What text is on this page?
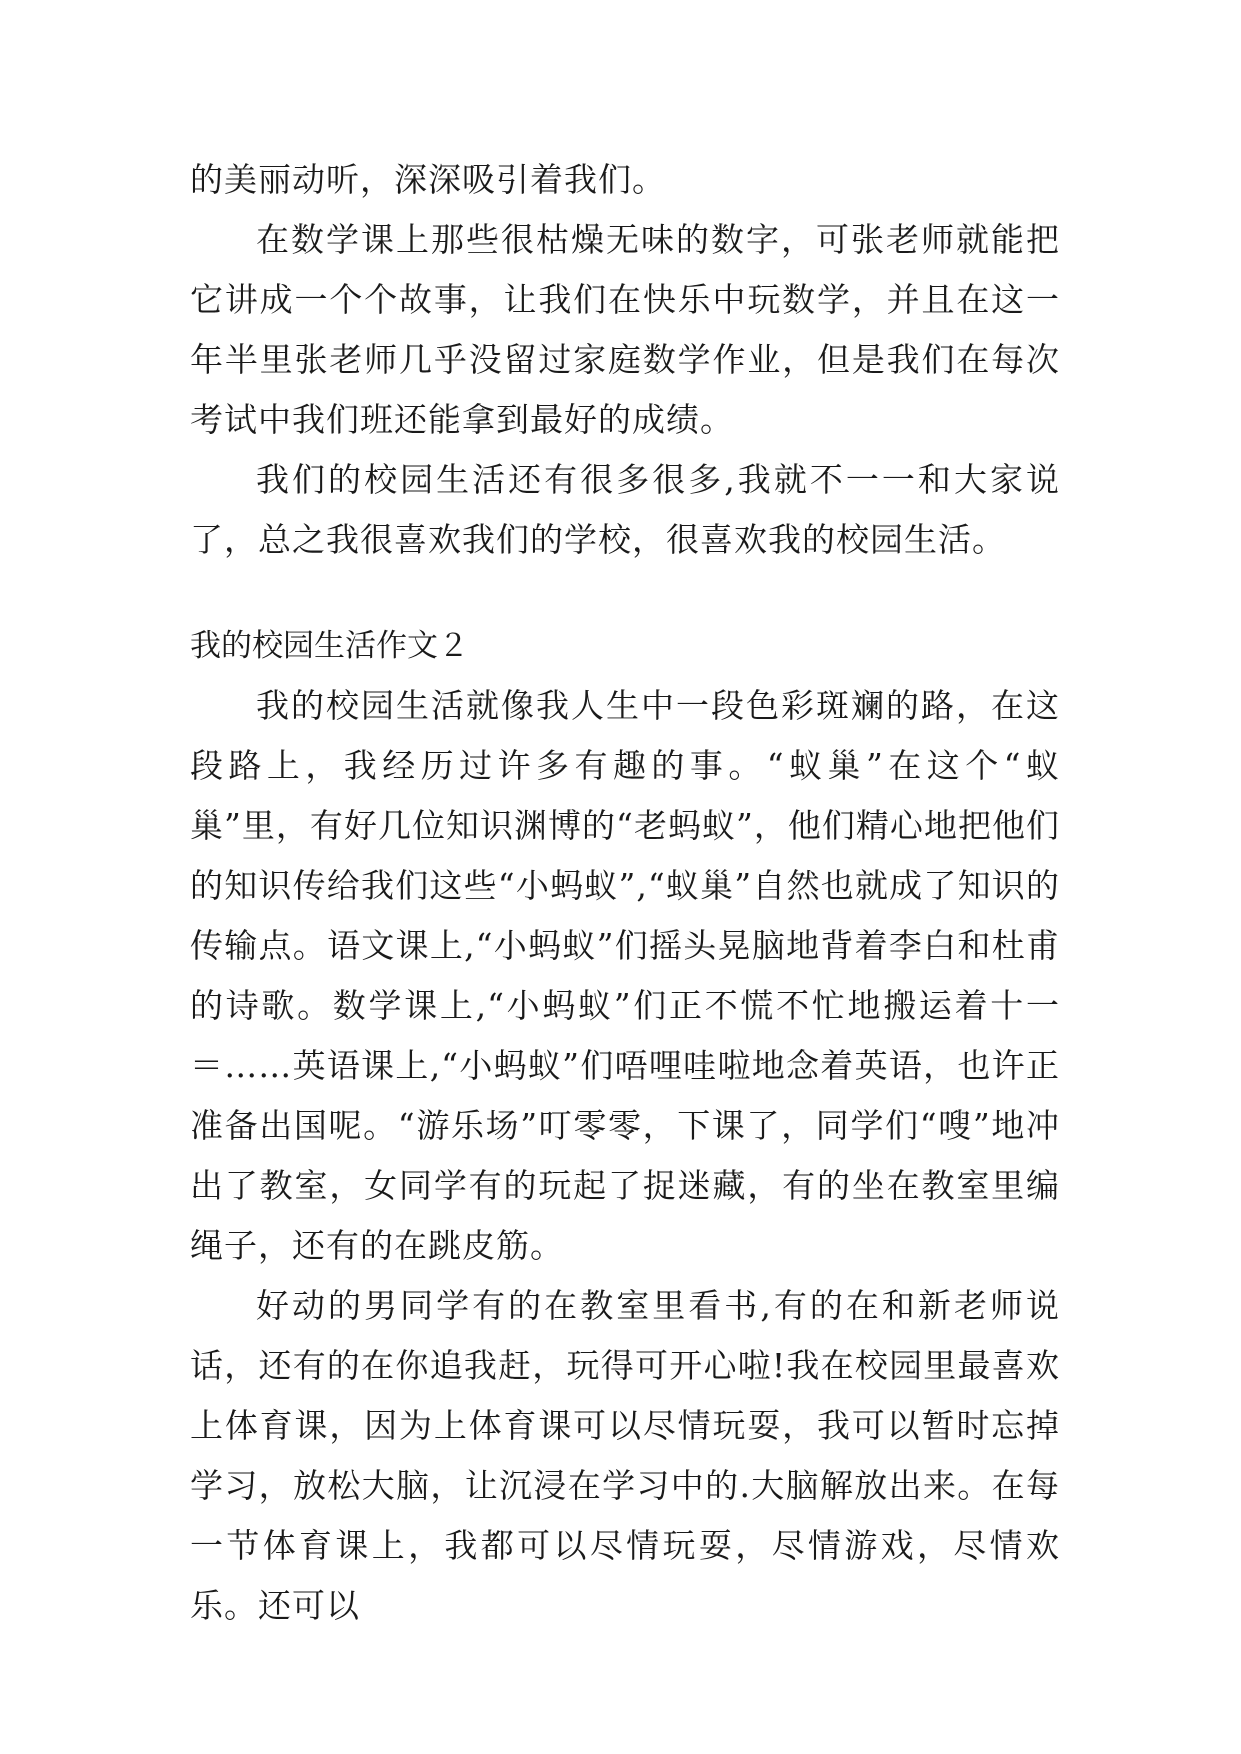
的美丽动听，深深吸引着我们。

在数学课上那些很枯燥无味的数字，可张老师就能把它讲成一个个故事，让我们在快乐中玩数学，并且在这一年半里张老师几乎没留过家庭数学作业，但是我们在每次考试中我们班还能拿到最好的成绩。

我们的校园生活还有很多很多,我就不一一和大家说了，总之我很喜欢我们的学校，很喜欢我的校园生活。

我的校园生活作文２

我的校园生活就像我人生中一段色彩斑斓的路，在这段路上，我经历过许多有趣的事。“蚁巢”在这个“蚁巢”里，有好几位知识渊博的“老蚂蚁”，他们精心地把他们的知识传给我们这些“小蚂蚁”,“蚁巢”自然也就成了知识的传输点。语文课上,“小蚂蚁”们摇头晃脑地背着李白和杜甫的诗歌。数学课上,“小蚂蚁”们正不慌不忙地搬运着十一＝……英语课上,“小蚂蚁”们唔哩哇啦地念着英语，也许正准备出国呢。“游乐场”叮零零，下课了，同学们“嗖”地冲出了教室，女同学有的玩起了捉迷藏，有的坐在教室里编绳子，还有的在跳皮筋。

好动的男同学有的在教室里看书,有的在和新老师说话，还有的在你追我赶，玩得可开心啦!我在校园里最喜欢上体育课，因为上体育课可以尽情玩耍，我可以暂时忘掉学习，放松大脑，让沉浸在学习中的.大脑解放出来。在每一节体育课上，我都可以尽情玩耍，尽情游戏，尽情欢乐。还可以
